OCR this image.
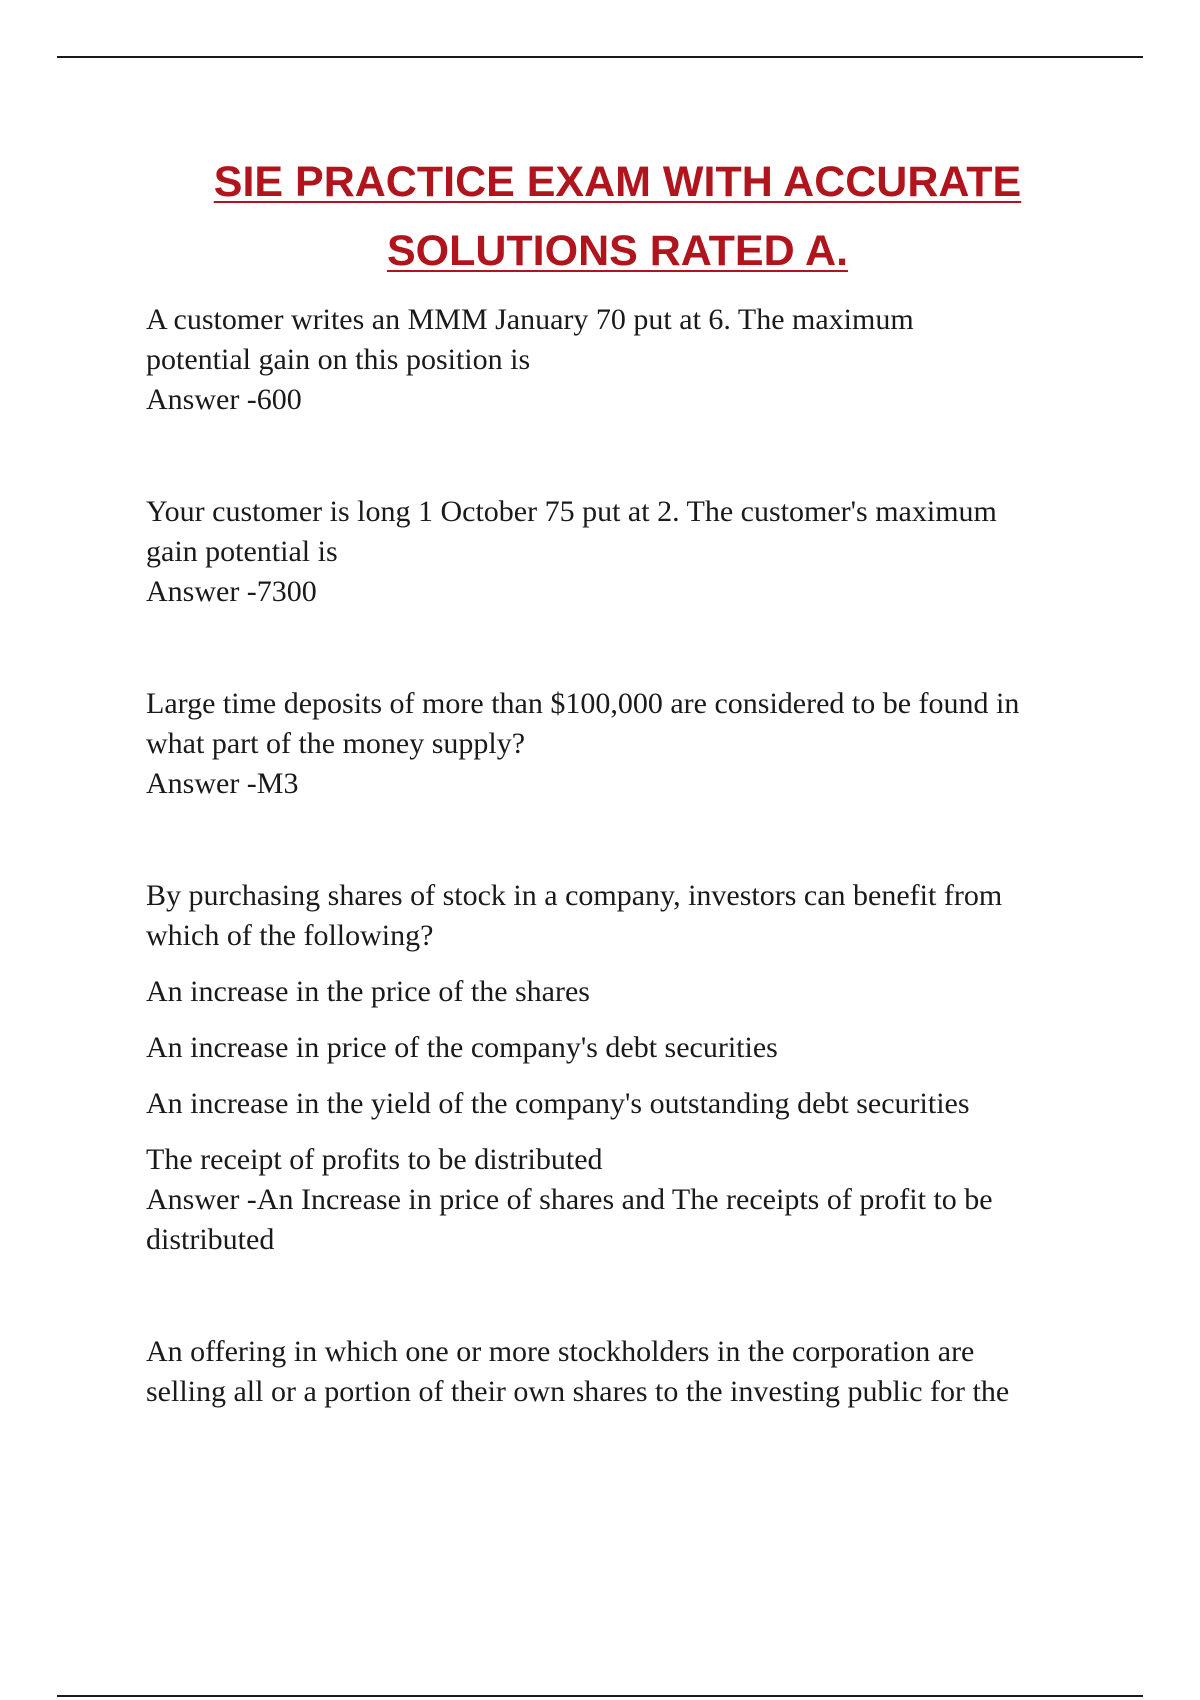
SIE PRACTICE EXAM WITH ACCURATE
SOLUTIONS RATED A.

A customer writes an MMM January 70 put at 6. The maximum

potential gain on this position is

Answer -600

Your customer is long 1 October 75 put at 2. The customer's maximum

gain potential is

Answer -7300

Large time deposits of more than $100,000 are considered to be found in

what part of the money supply?

Answer -M3

By purchasing shares of stock in a company, investors can benefit from

which of the following?

An increase in the price of the shares

An increase in price of the company's debt securities

An increase in the yield of the company's outstanding debt securities

The receipt of profits to be distributed

Answer -An Increase in price of shares and The receipts of profit to be

distributed

An offering in which one or more stockholders in the corporation are

selling all or a portion of their own shares to the investing public for the
